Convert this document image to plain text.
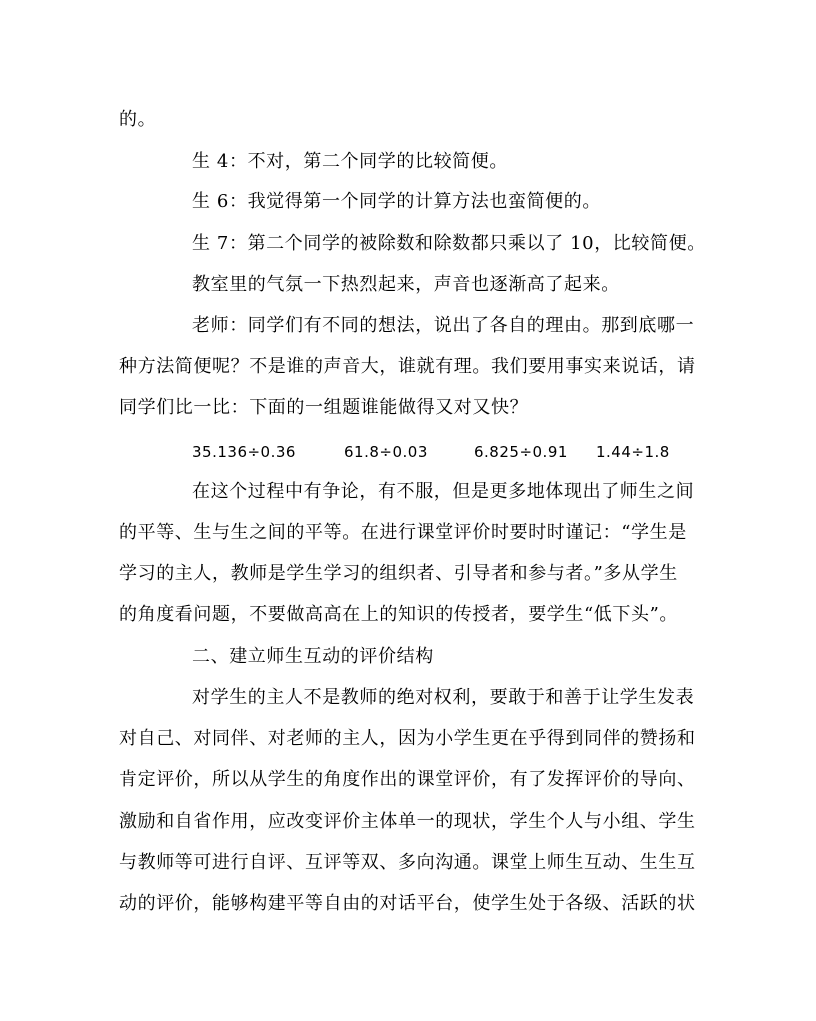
的。
生 4：不对，第二个同学的比较简便。
生 6：我觉得第一个同学的计算方法也蛮简便的。
生 7：第二个同学的被除数和除数都只乘以了 10，比较简便。
教室里的气氛一下热烈起来，声音也逐渐高了起来。
老师：同学们有不同的想法，说出了各自的理由。那到底哪一
种方法简便呢？不是谁的声音大，谁就有理。我们要用事实来说话，请
同学们比一比：下面的一组题谁能做得又对又快？
35.136÷0.36	61.8÷0.03	6.825÷0.91 1.44÷1.8
在这个过程中有争论，有不服，但是更多地体现出了师生之间
的平等、生与生之间的平等。在进行课堂评价时要时时谨记：“学生是
学习的主人，教师是学生学习的组织者、引导者和参与者。”多从学生
的角度看问题，不要做高高在上的知识的传授者，要学生“低下头”。
二、建立师生互动的评价结构
对学生的主人不是教师的绝对权利，要敢于和善于让学生发表
对自己、对同伴、对老师的主人，因为小学生更在乎得到同伴的赞扬和
肯定评价，所以从学生的角度作出的课堂评价，有了发挥评价的导向、
激励和自省作用，应改变评价主体单一的现状，学生个人与小组、学生
与教师等可进行自评、互评等双、多向沟通。课堂上师生互动、生生互
动的评价，能够构建平等自由的对话平台，使学生处于各级、活跃的状
